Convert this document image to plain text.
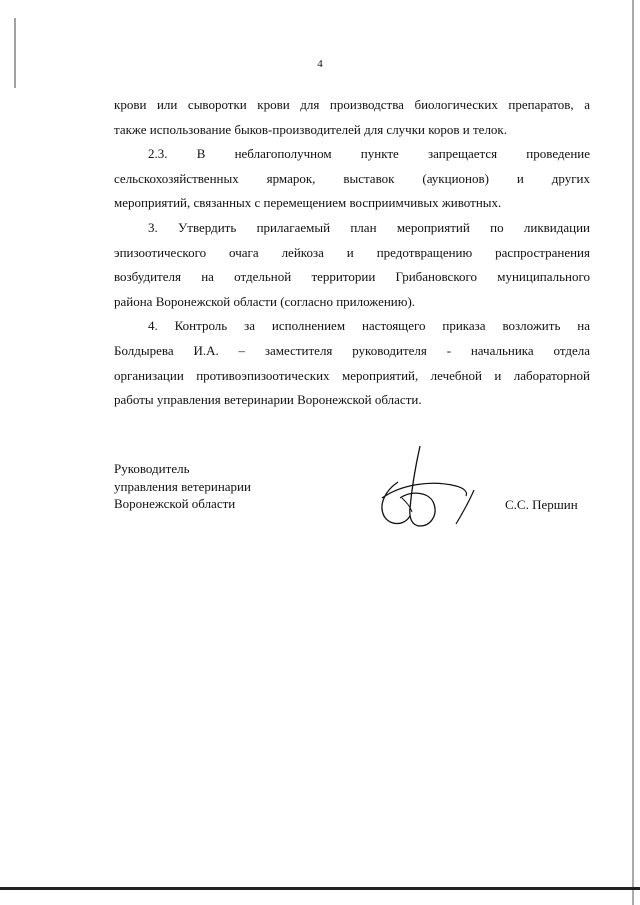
4
крови или сыворотки крови для производства биологических препаратов, а
также использование быков-производителей для случки коров и телок.
2.3. В неблагополучном пункте запрещается проведение
сельскохозяйственных ярмарок, выставок (аукционов) и других
мероприятий, связанных с перемещением восприимчивых животных.
3. Утвердить прилагаемый план мероприятий по ликвидации
эпизоотического очага лейкоза и предотвращению распространения
возбудителя на отдельной территории Грибановского муниципального
района Воронежской области (согласно приложению).
4. Контроль за исполнением настоящего приказа возложить на
Болдырева И.А. – заместителя руководителя - начальника отдела
организации противоэпизоотических мероприятий, лечебной и лабораторной
работы управления ветеринарии Воронежской области.
Руководитель
управления ветеринарии
Воронежской области	С.С. Першин
